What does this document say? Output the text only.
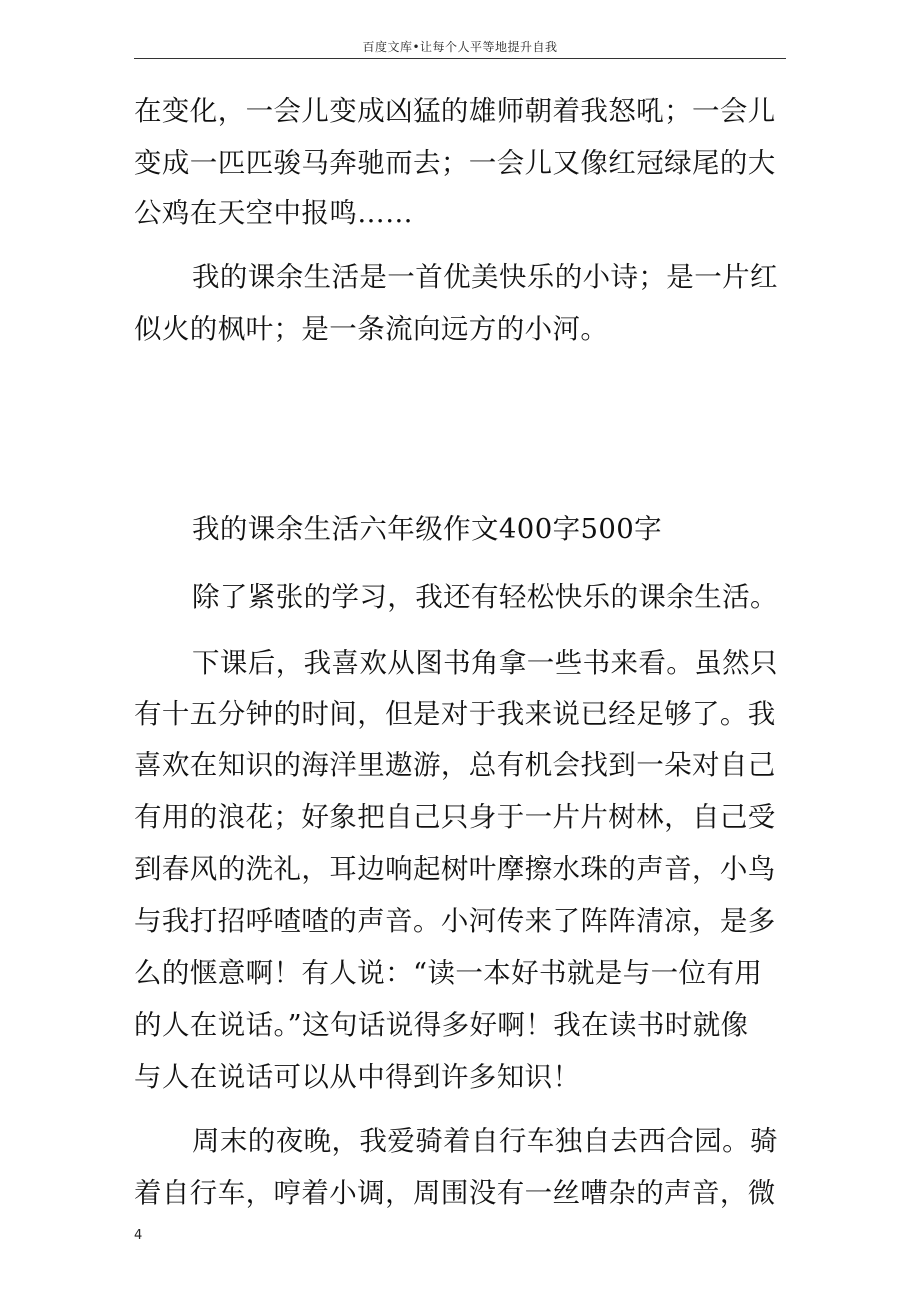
百度文库•让每个人平等地提升自我
在变化，一会儿变成凶猛的雄师朝着我怒吼；一会儿
变成一匹匹骏马奔驰而去；一会儿又像红冠绿尾的大
公鸡在天空中报鸣……
我的课余生活是一首优美快乐的小诗；是一片红
似火的枫叶；是一条流向远方的小河。
我的课余生活六年级作文400字500字
除了紧张的学习，我还有轻松快乐的课余生活。
下课后，我喜欢从图书角拿一些书来看。虽然只
有十五分钟的时间，但是对于我来说已经足够了。我
喜欢在知识的海洋里遨游，总有机会找到一朵对自己
有用的浪花；好象把自己只身于一片片树林，自己受
到春风的洗礼，耳边响起树叶摩擦水珠的声音，小鸟
与我打招呼喳喳的声音。小河传来了阵阵清凉，是多
么的惬意啊！有人说：“读一本好书就是与一位有用
的人在说话。”这句话说得多好啊！我在读书时就像
与人在说话可以从中得到许多知识！
周末的夜晚，我爱骑着自行车独自去西合园。骑
着自行车，哼着小调，周围没有一丝嘈杂的声音，微
4
